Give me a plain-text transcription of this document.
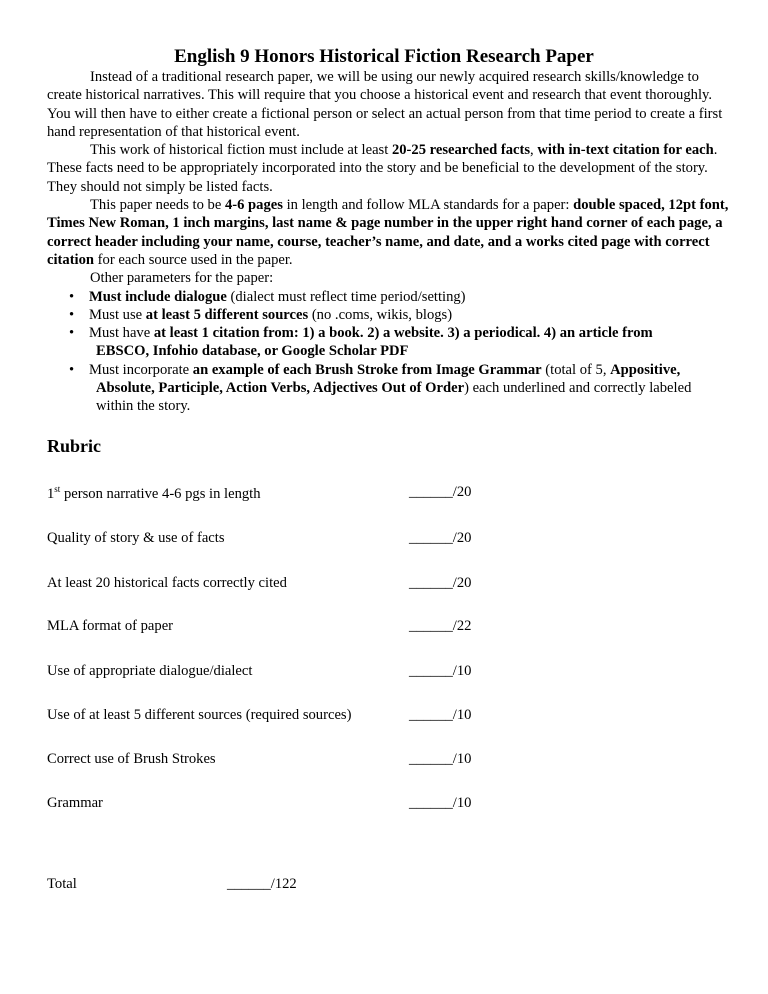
English 9 Honors Historical Fiction Research Paper

Instead of a traditional research paper, we will be using our newly acquired research skills/knowledge to create historical narratives. This will require that you choose a historical event and research that event thoroughly. You will then have to either create a fictional person or select an actual person from that time period to create a first hand representation of that historical event.

This work of historical fiction must include at least 20-25 researched facts, with in-text citation for each. These facts need to be appropriately incorporated into the story and be beneficial to the development of the story. They should not simply be listed facts.

This paper needs to be 4-6 pages in length and follow MLA standards for a paper: double spaced, 12pt font, Times New Roman, 1 inch margins, last name & page number in the upper right hand corner of each page, a correct header including your name, course, teacher’s name, and date, and a works cited page with correct citation for each source used in the paper.

Other parameters for the paper:
• Must include dialogue (dialect must reflect time period/setting)
• Must use at least 5 different sources (no .coms, wikis, blogs)
• Must have at least 1 citation from: 1) a book. 2) a website. 3) a periodical. 4) an article from
EBSCO, Infohio database, or Google Scholar PDF
• Must incorporate an example of each Brush Stroke from Image Grammar (total of 5, Appositive,
Absolute, Participle, Action Verbs, Adjectives Out of Order) each underlined and correctly labeled
within the story.
Rubric
1st person narrative 4-6 pgs in length	______/20
Quality of story & use of facts	______/20
At least 20 historical facts correctly cited	______/20
MLA format of paper	______/22
Use of appropriate dialogue/dialect	______/10
Use of at least 5 different sources (required sources)	______/10
Correct use of Brush Strokes	______/10
Grammar	______/10
Total	______/122
